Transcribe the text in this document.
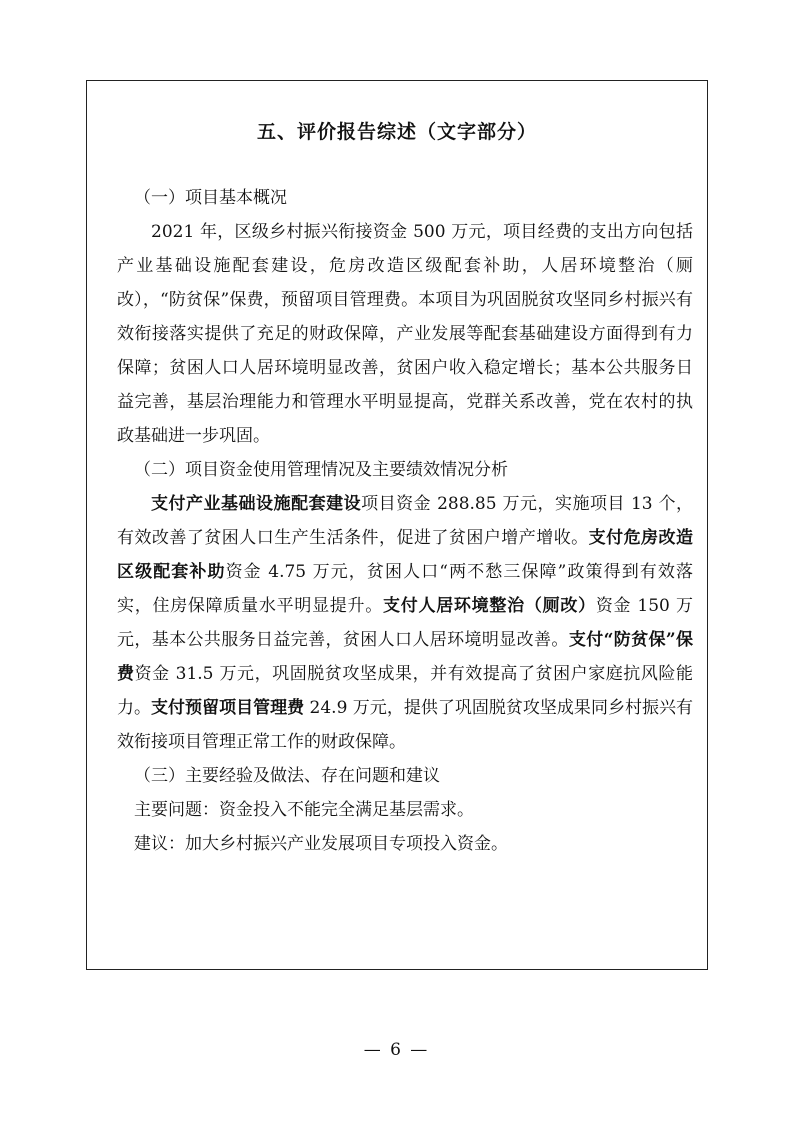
五、评价报告综述（文字部分）

（一）项目基本概况

2021 年，区级乡村振兴衔接资金 500 万元，项目经费的支出方向包括产业基础设施配套建设，危房改造区级配套补助，人居环境整治（厕改），“防贫保”保费，预留项目管理费。本项目为巩固脱贫攻坚同乡村振兴有效衔接落实提供了充足的财政保障，产业发展等配套基础建设方面得到有力保障；贫困人口人居环境明显改善，贫困户收入稳定增长；基本公共服务日益完善，基层治理能力和管理水平明显提高，党群关系改善，党在农村的执政基础进一步巩固。

（二）项目资金使用管理情况及主要绩效情况分析

支付产业基础设施配套建设项目资金 288.85 万元，实施项目 13 个，有效改善了贫困人口生产生活条件，促进了贫困户增产增收。支付危房改造区级配套补助资金 4.75 万元，贫困人口“两不愁三保障”政策得到有效落实，住房保障质量水平明显提升。支付人居环境整治（厕改）资金 150 万元，基本公共服务日益完善，贫困人口人居环境明显改善。支付“防贫保”保费资金 31.5 万元，巩固脱贫攻坚成果，并有效提高了贫困户家庭抗风险能力。支付预留项目管理费 24.9 万元，提供了巩固脱贫攻坚成果同乡村振兴有效衔接项目管理正常工作的财政保障。

（三）主要经验及做法、存在问题和建议

主要问题：资金投入不能完全满足基层需求。

建议：加大乡村振兴产业发展项目专项投入资金。

— 6 —
